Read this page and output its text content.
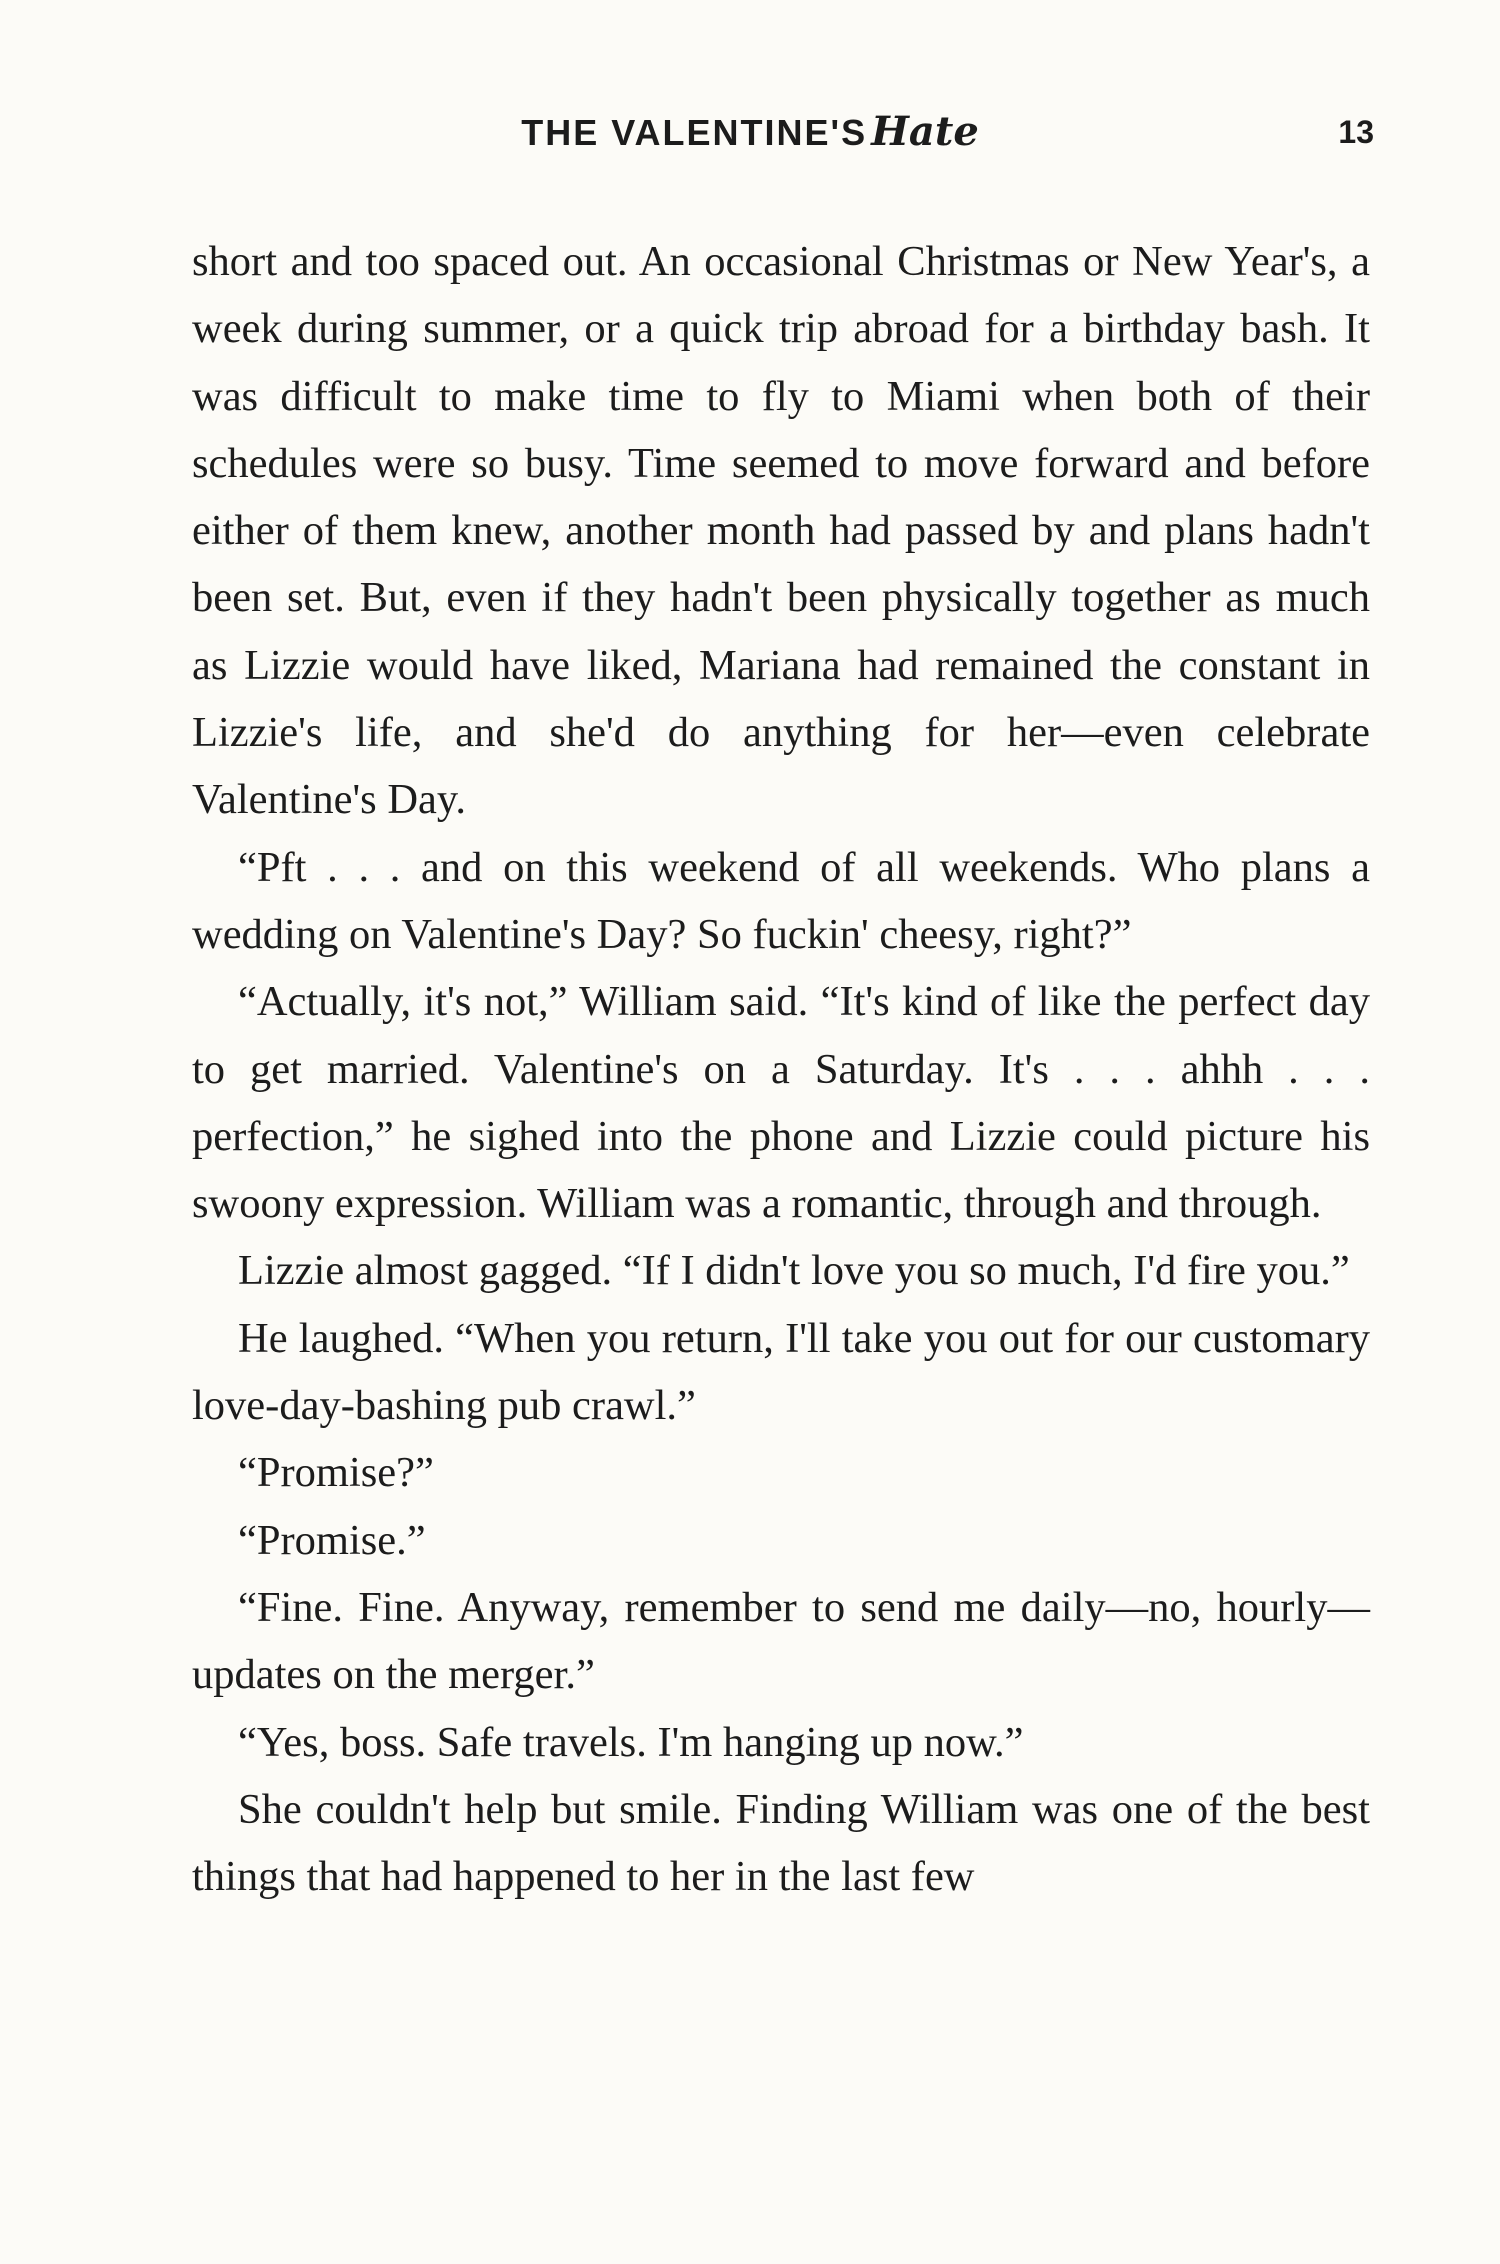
THE VALENTINE'S Hate	13

short and too spaced out. An occasional Christmas or New Year's, a week during summer, or a quick trip abroad for a birthday bash. It was difficult to make time to fly to Miami when both of their schedules were so busy. Time seemed to move forward and before either of them knew, another month had passed by and plans hadn't been set. But, even if they hadn't been physically together as much as Lizzie would have liked, Mariana had remained the constant in Lizzie's life, and she'd do anything for her—even celebrate Valentine's Day.

“Pft . . . and on this weekend of all weekends. Who plans a wedding on Valentine's Day? So fuckin' cheesy, right?”

“Actually, it's not,” William said. “It's kind of like the perfect day to get married. Valentine's on a Saturday. It's . . . ahhh . . . perfection,” he sighed into the phone and Lizzie could picture his swoony expression. William was a romantic, through and through.

Lizzie almost gagged. “If I didn't love you so much, I'd fire you.”

He laughed. “When you return, I'll take you out for our customary love-day-bashing pub crawl.”

“Promise?”

“Promise.”

“Fine. Fine. Anyway, remember to send me daily—no, hourly—updates on the merger.”

“Yes, boss. Safe travels. I'm hanging up now.”

She couldn't help but smile. Finding William was one of the best things that had happened to her in the last few
